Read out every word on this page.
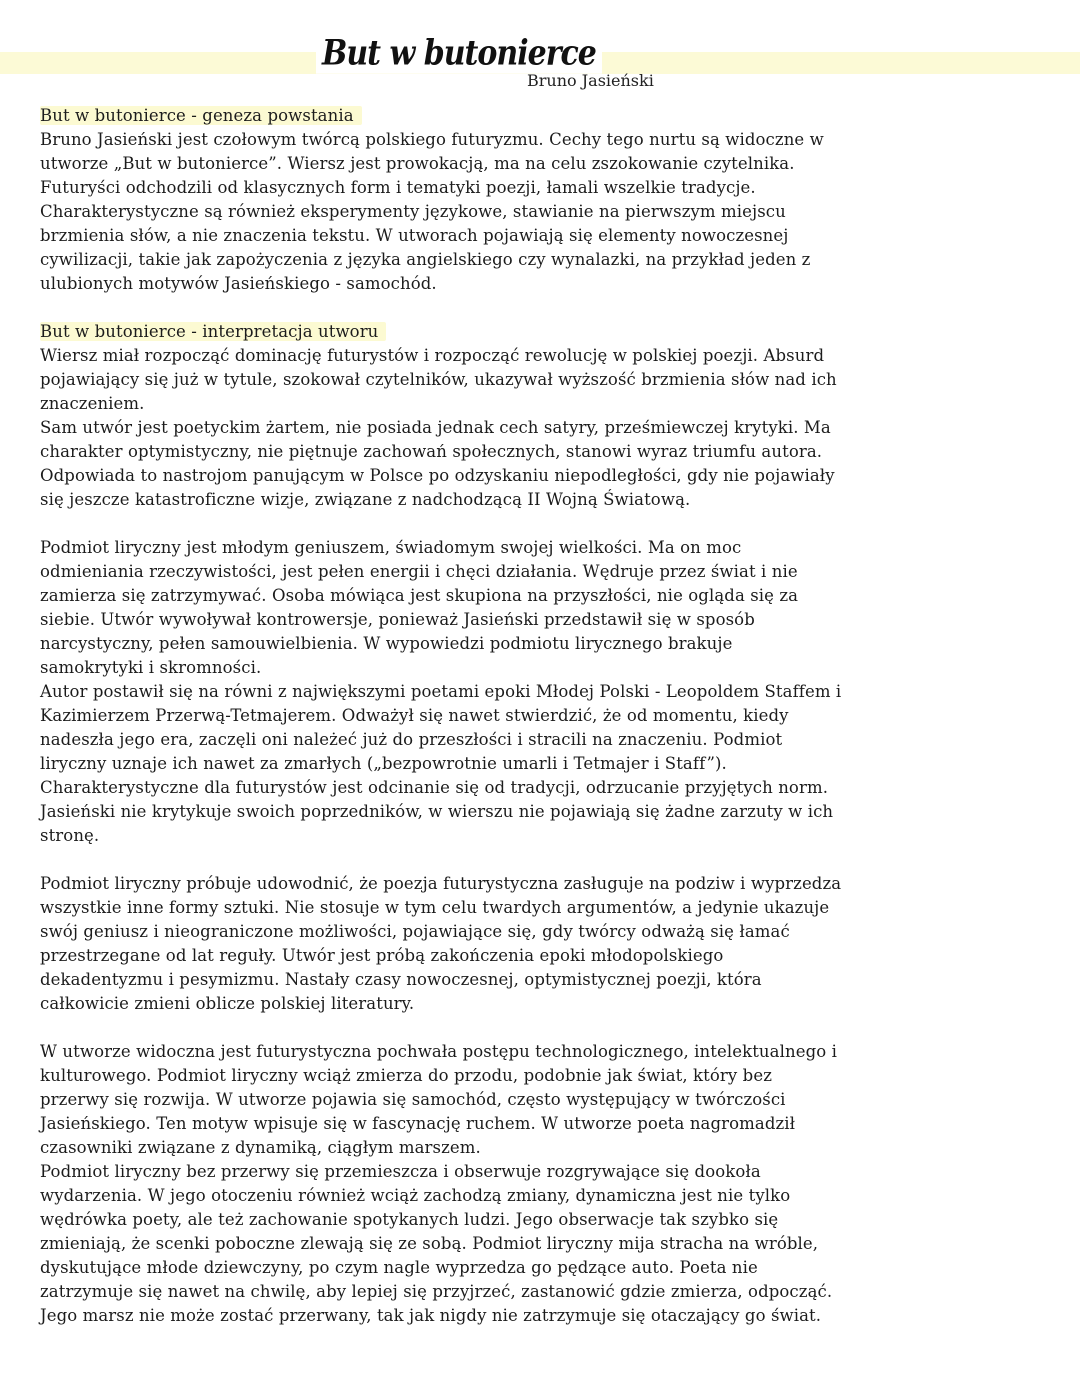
But w butonierce
Bruno Jasieński
But w butonierce - geneza powstania
Bruno Jasieński jest czołowym twórcą polskiego futuryzmu. Cechy tego nurtu są widoczne w
utworze „But w butonierce”. Wiersz jest prowokacją, ma na celu zszokowanie czytelnika.
Futuryści odchodzili od klasycznych form i tematyki poezji, łamali wszelkie tradycje.
Charakterystyczne są również eksperymenty językowe, stawianie na pierwszym miejscu
brzmienia słów, a nie znaczenia tekstu. W utworach pojawiają się elementy nowoczesnej
cywilizacji, takie jak zapożyczenia z języka angielskiego czy wynalazki, na przykład jeden z
ulubionych motywów Jasieńskiego - samochód.
But w butonierce - interpretacja utworu
Wiersz miał rozpocząć dominację futurystów i rozpocząć rewolucję w polskiej poezji. Absurd
pojawiający się już w tytule, szokował czytelników, ukazywał wyższość brzmienia słów nad ich
znaczeniem.
Sam utwór jest poetyckim żartem, nie posiada jednak cech satyry, prześmiewczej krytyki. Ma
charakter optymistyczny, nie piętnuje zachowań społecznych, stanowi wyraz triumfu autora.
Odpowiada to nastrojom panującym w Polsce po odzyskaniu niepodległości, gdy nie pojawiały
się jeszcze katastroficzne wizje, związane z nadchodzącą II Wojną Światową.
Podmiot liryczny jest młodym geniuszem, świadomym swojej wielkości. Ma on moc
odmieniania rzeczywistości, jest pełen energii i chęci działania. Wędruje przez świat i nie
zamierza się zatrzymywać. Osoba mówiąca jest skupiona na przyszłości, nie ogląda się za
siebie. Utwór wywoływał kontrowersje, ponieważ Jasieński przedstawił się w sposób
narcystyczny, pełen samouwielbienia. W wypowiedzi podmiotu lirycznego brakuje
samokrytyki i skromności.
Autor postawił się na równi z największymi poetami epoki Młodej Polski - Leopoldem Staffem i
Kazimierzem Przerwą-Tetmajerem. Odważył się nawet stwierdzić, że od momentu, kiedy
nadeszła jego era, zaczęli oni należeć już do przeszłości i stracili na znaczeniu. Podmiot
liryczny uznaje ich nawet za zmarłych („bezpowrotnie umarli i Tetmajer i Staff”).
Charakterystyczne dla futurystów jest odcinanie się od tradycji, odrzucanie przyjętych norm.
Jasieński nie krytykuje swoich poprzedników, w wierszu nie pojawiają się żadne zarzuty w ich
stronę.
Podmiot liryczny próbuje udowodnić, że poezja futurystyczna zasługuje na podziw i wyprzedza
wszystkie inne formy sztuki. Nie stosuje w tym celu twardych argumentów, a jedynie ukazuje
swój geniusz i nieograniczone możliwości, pojawiające się, gdy twórcy odważą się łamać
przestrzegane od lat reguły. Utwór jest próbą zakończenia epoki młodopolskiego
dekadentyzmu i pesymizmu. Nastały czasy nowoczesnej, optymistycznej poezji, która
całkowicie zmieni oblicze polskiej literatury.
W utworze widoczna jest futurystyczna pochwała postępu technologicznego, intelektualnego i
kulturowego. Podmiot liryczny wciąż zmierza do przodu, podobnie jak świat, który bez
przerwy się rozwija. W utworze pojawia się samochód, często występujący w twórczości
Jasieńskiego. Ten motyw wpisuje się w fascynację ruchem. W utworze poeta nagromadził
czasowniki związane z dynamiką, ciągłym marszem.
Podmiot liryczny bez przerwy się przemieszcza i obserwuje rozgrywające się dookoła
wydarzenia. W jego otoczeniu również wciąż zachodzą zmiany, dynamiczna jest nie tylko
wędrówka poety, ale też zachowanie spotykanych ludzi. Jego obserwacje tak szybko się
zmieniają, że scenki poboczne zlewają się ze sobą. Podmiot liryczny mija stracha na wróble,
dyskutujące młode dziewczyny, po czym nagle wyprzedza go pędzące auto. Poeta nie
zatrzymuje się nawet na chwilę, aby lepiej się przyjrzeć, zastanowić gdzie zmierza, odpocząć.
Jego marsz nie może zostać przerwany, tak jak nigdy nie zatrzymuje się otaczający go świat.
